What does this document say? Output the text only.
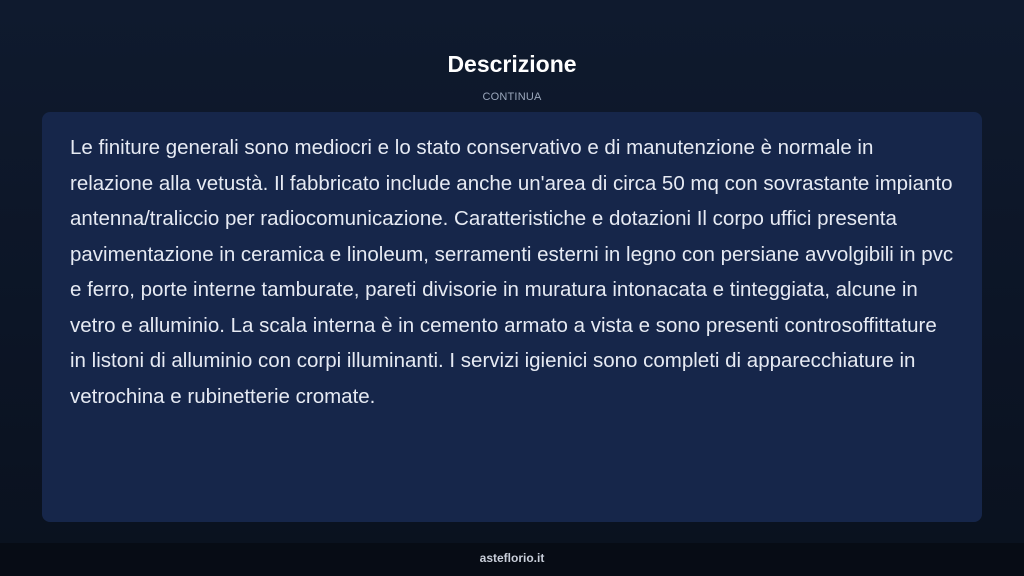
Descrizione
CONTINUA

Le finiture generali sono mediocri e lo stato conservativo e di manutenzione è normale in relazione alla vetustà. Il fabbricato include anche un'area di circa 50 mq con sovrastante impianto antenna/traliccio per radiocomunicazione. Caratteristiche e dotazioni Il corpo uffici presenta pavimentazione in ceramica e linoleum, serramenti esterni in legno con persiane avvolgibili in pvc e ferro, porte interne tamburate, pareti divisorie in muratura intonacata e tinteggiata, alcune in vetro e alluminio. La scala interna è in cemento armato a vista e sono presenti controsoffittature in listoni di alluminio con corpi illuminanti. I servizi igienici sono completi di apparecchiature in vetrochina e rubinetterie cromate.

asteflorio.it
